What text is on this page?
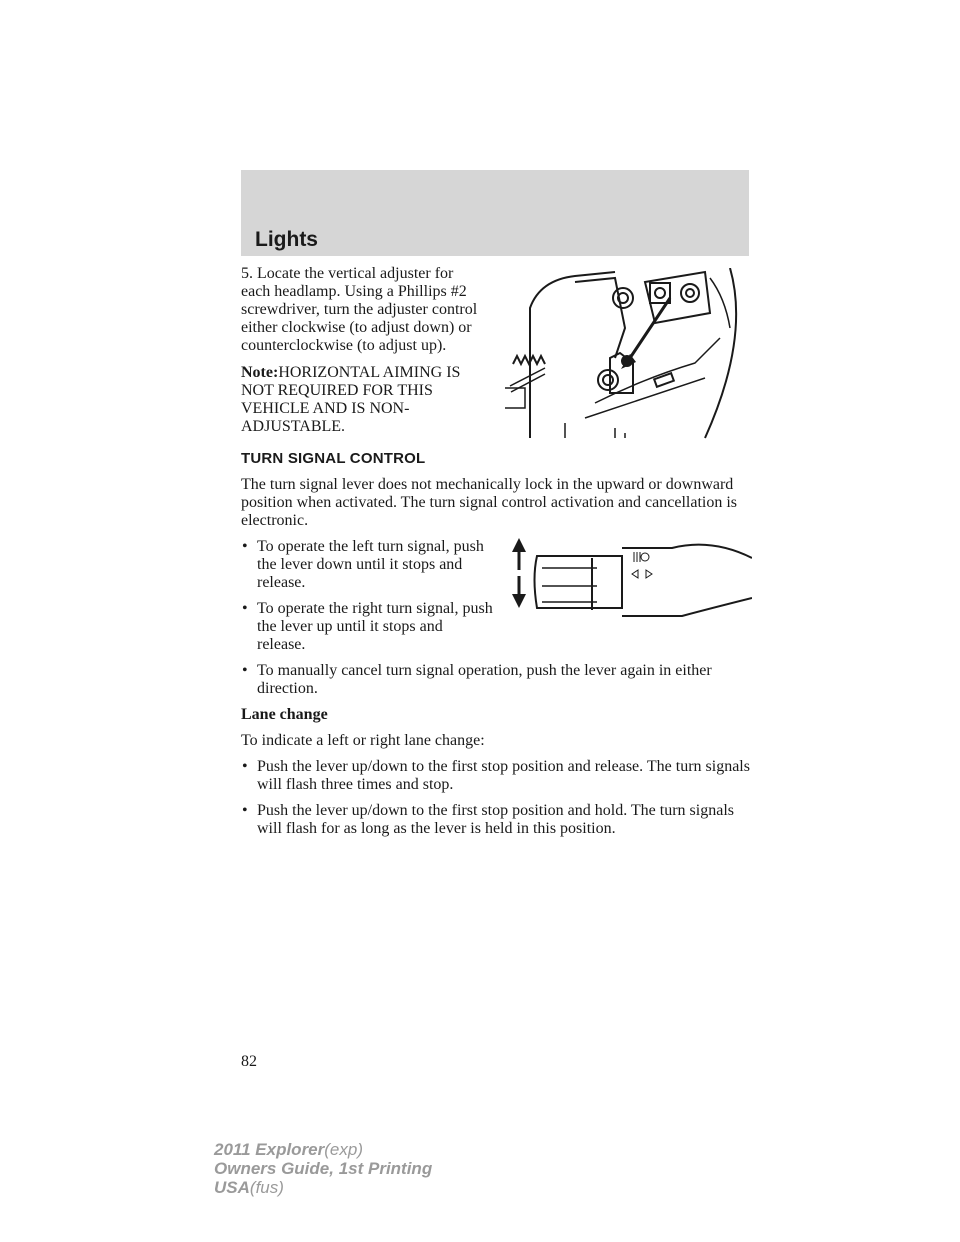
Lights

5. Locate the vertical adjuster for each headlamp. Using a Phillips #2 screwdriver, turn the adjuster control either clockwise (to adjust down) or counterclockwise (to adjust up).

Note:HORIZONTAL AIMING IS NOT REQUIRED FOR THIS VEHICLE AND IS NON-ADJUSTABLE.

TURN SIGNAL CONTROL

The turn signal lever does not mechanically lock in the upward or downward position when activated. The turn signal control activation and cancellation is electronic.

• To operate the left turn signal, push the lever down until it stops and release.
• To operate the right turn signal, push the lever up until it stops and release.
• To manually cancel turn signal operation, push the lever again in either direction.
Lane change

To indicate a left or right lane change:

• Push the lever up/down to the first stop position and release. The turn signals will flash three times and stop.
• Push the lever up/down to the first stop position and hold. The turn signals will flash for as long as the lever is held in this position.
82
2011 Explorer(exp)
Owners Guide, 1st Printing
USA(fus)
